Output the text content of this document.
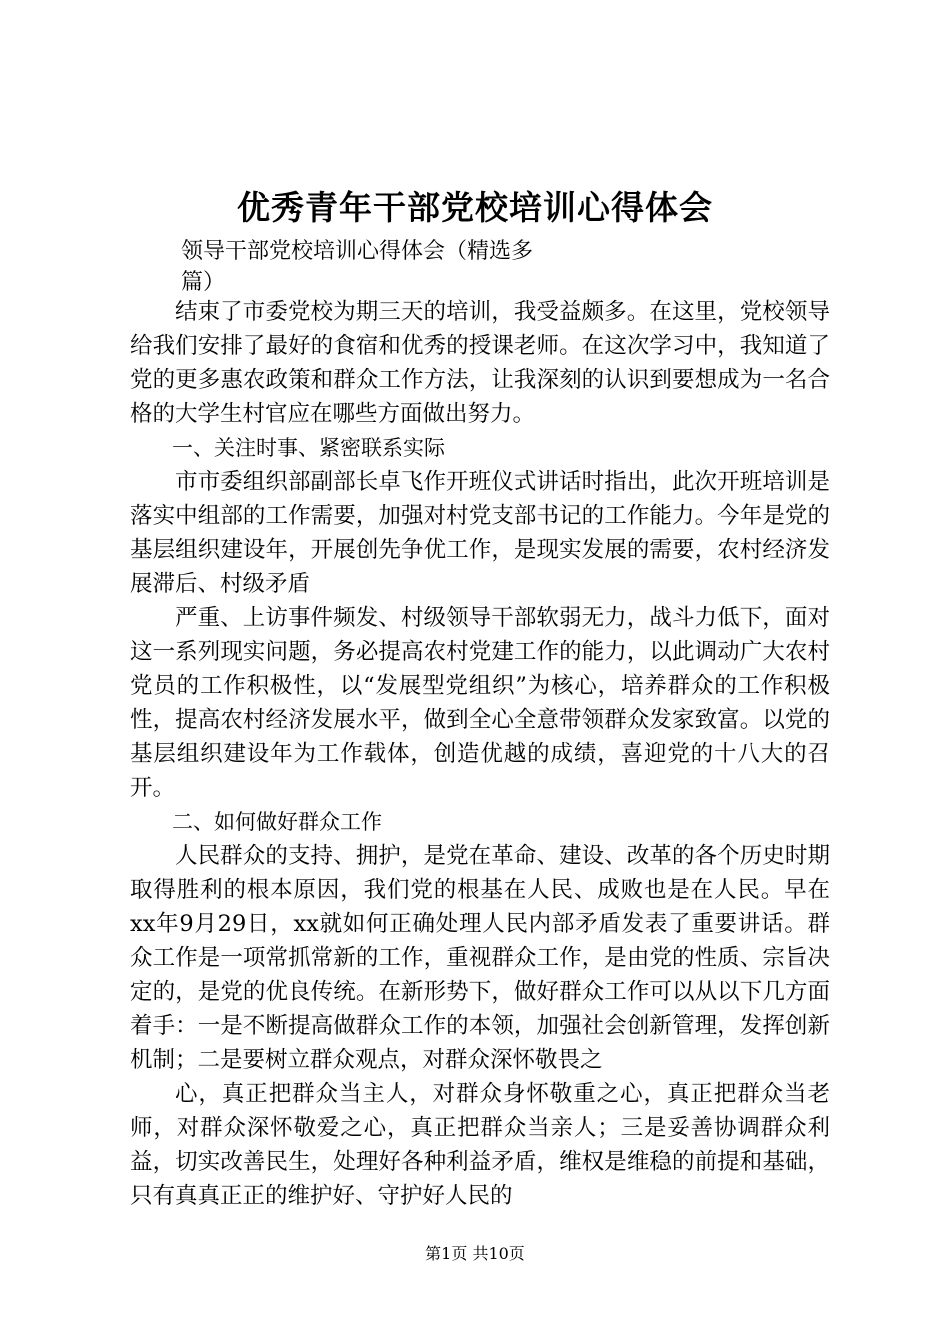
优秀青年干部党校培训心得体会
领导干部党校培训心得体会（精选多
篇）

结束了市委党校为期三天的培训，我受益颇多。在这里，党校领导给我们安排了最好的食宿和优秀的授课老师。在这次学习中，我知道了党的更多惠农政策和群众工作方法，让我深刻的认识到要想成为一名合格的大学生村官应在哪些方面做出努力。

一、关注时事、紧密联系实际

市市委组织部副部长卓飞作开班仪式讲话时指出，此次开班培训是落实中组部的工作需要，加强对村党支部书记的工作能力。今年是党的基层组织建设年，开展创先争优工作，是现实发展的需要，农村经济发展滞后、村级矛盾

严重、上访事件频发、村级领导干部软弱无力，战斗力低下，面对这一系列现实问题，务必提高农村党建工作的能力，以此调动广大农村党员的工作积极性，以“发展型党组织”为核心，培养群众的工作积极性，提高农村经济发展水平，做到全心全意带领群众发家致富。以党的基层组织建设年为工作载体，创造优越的成绩，喜迎党的十八大的召开。

二、如何做好群众工作

人民群众的支持、拥护，是党在革命、建设、改革的各个历史时期取得胜利的根本原因，我们党的根基在人民、成败也是在人民。早在xx年9月29日，xx就如何正确处理人民内部矛盾发表了重要讲话。群众工作是一项常抓常新的工作，重视群众工作，是由党的性质、宗旨决定的，是党的优良传统。在新形势下，做好群众工作可以从以下几方面着手：一是不断提高做群众工作的本领，加强社会创新管理，发挥创新机制；二是要树立群众观点，对群众深怀敬畏之

心，真正把群众当主人，对群众身怀敬重之心，真正把群众当老师，对群众深怀敬爱之心，真正把群众当亲人；三是妥善协调群众利益，切实改善民生，处理好各种利益矛盾，维权是维稳的前提和基础，只有真真正正的维护好、守护好人民的

第1页 共10页
